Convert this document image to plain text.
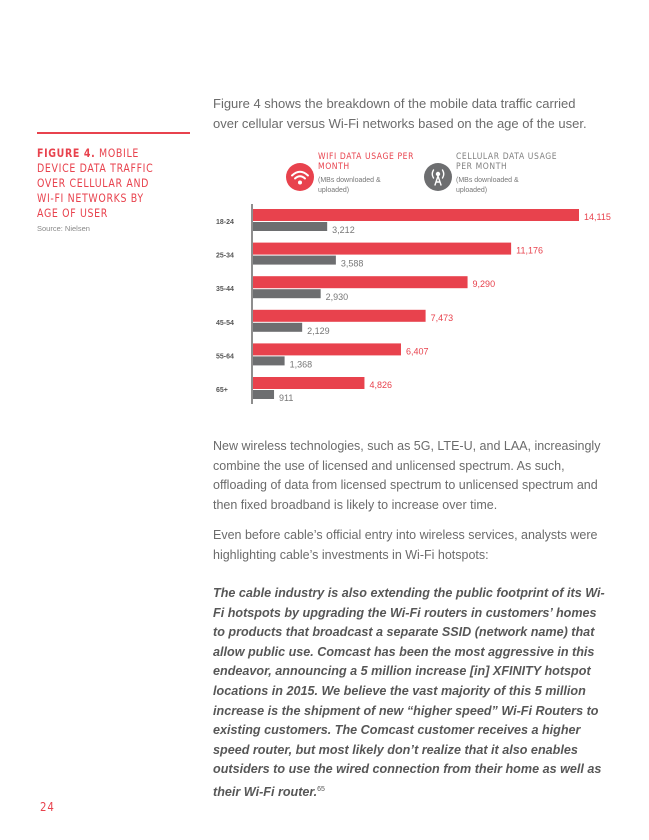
Figure 4 shows the breakdown of the mobile data traffic carried over cellular versus Wi-Fi networks based on the age of the user.

FIGURE 4. MOBILE DEVICE DATA TRAFFIC OVER CELLULAR AND WI-FI NETWORKS BY AGE OF USER

Source: Nielsen
WIFI DATA USAGE PER MONTH
(MBs downloaded & uploaded)
CELLULAR DATA USAGE PER MONTH
(MBs downloaded & uploaded)
18-24
14,115
3,212
25-34
11,176
3,588
35-44
9,290
2,930
45-54
7,473
2,129
55-64
6,407
1,368
65+
4,826
911

New wireless technologies, such as 5G, LTE-U, and LAA, increasingly combine the use of licensed and unlicensed spectrum. As such, offloading of data from licensed spectrum to unlicensed spectrum and then fixed broadband is likely to increase over time.

Even before cable’s official entry into wireless services, analysts were highlighting cable’s investments in Wi-Fi hotspots:

The cable industry is also extending the public footprint of its Wi-Fi hotspots by upgrading the Wi-Fi routers in customers’ homes to products that broadcast a separate SSID (network name) that allow public use. Comcast has been the most aggressive in this endeavor, announcing a 5 million increase [in] XFINITY hotspot locations in 2015. We believe the vast majority of this 5 million increase is the shipment of new “higher speed” Wi-Fi Routers to existing customers. The Comcast customer receives a higher speed router, but most likely don’t realize that it also enables outsiders to use the wired connection from their home as well as their Wi-Fi router.$^{65}$

24
